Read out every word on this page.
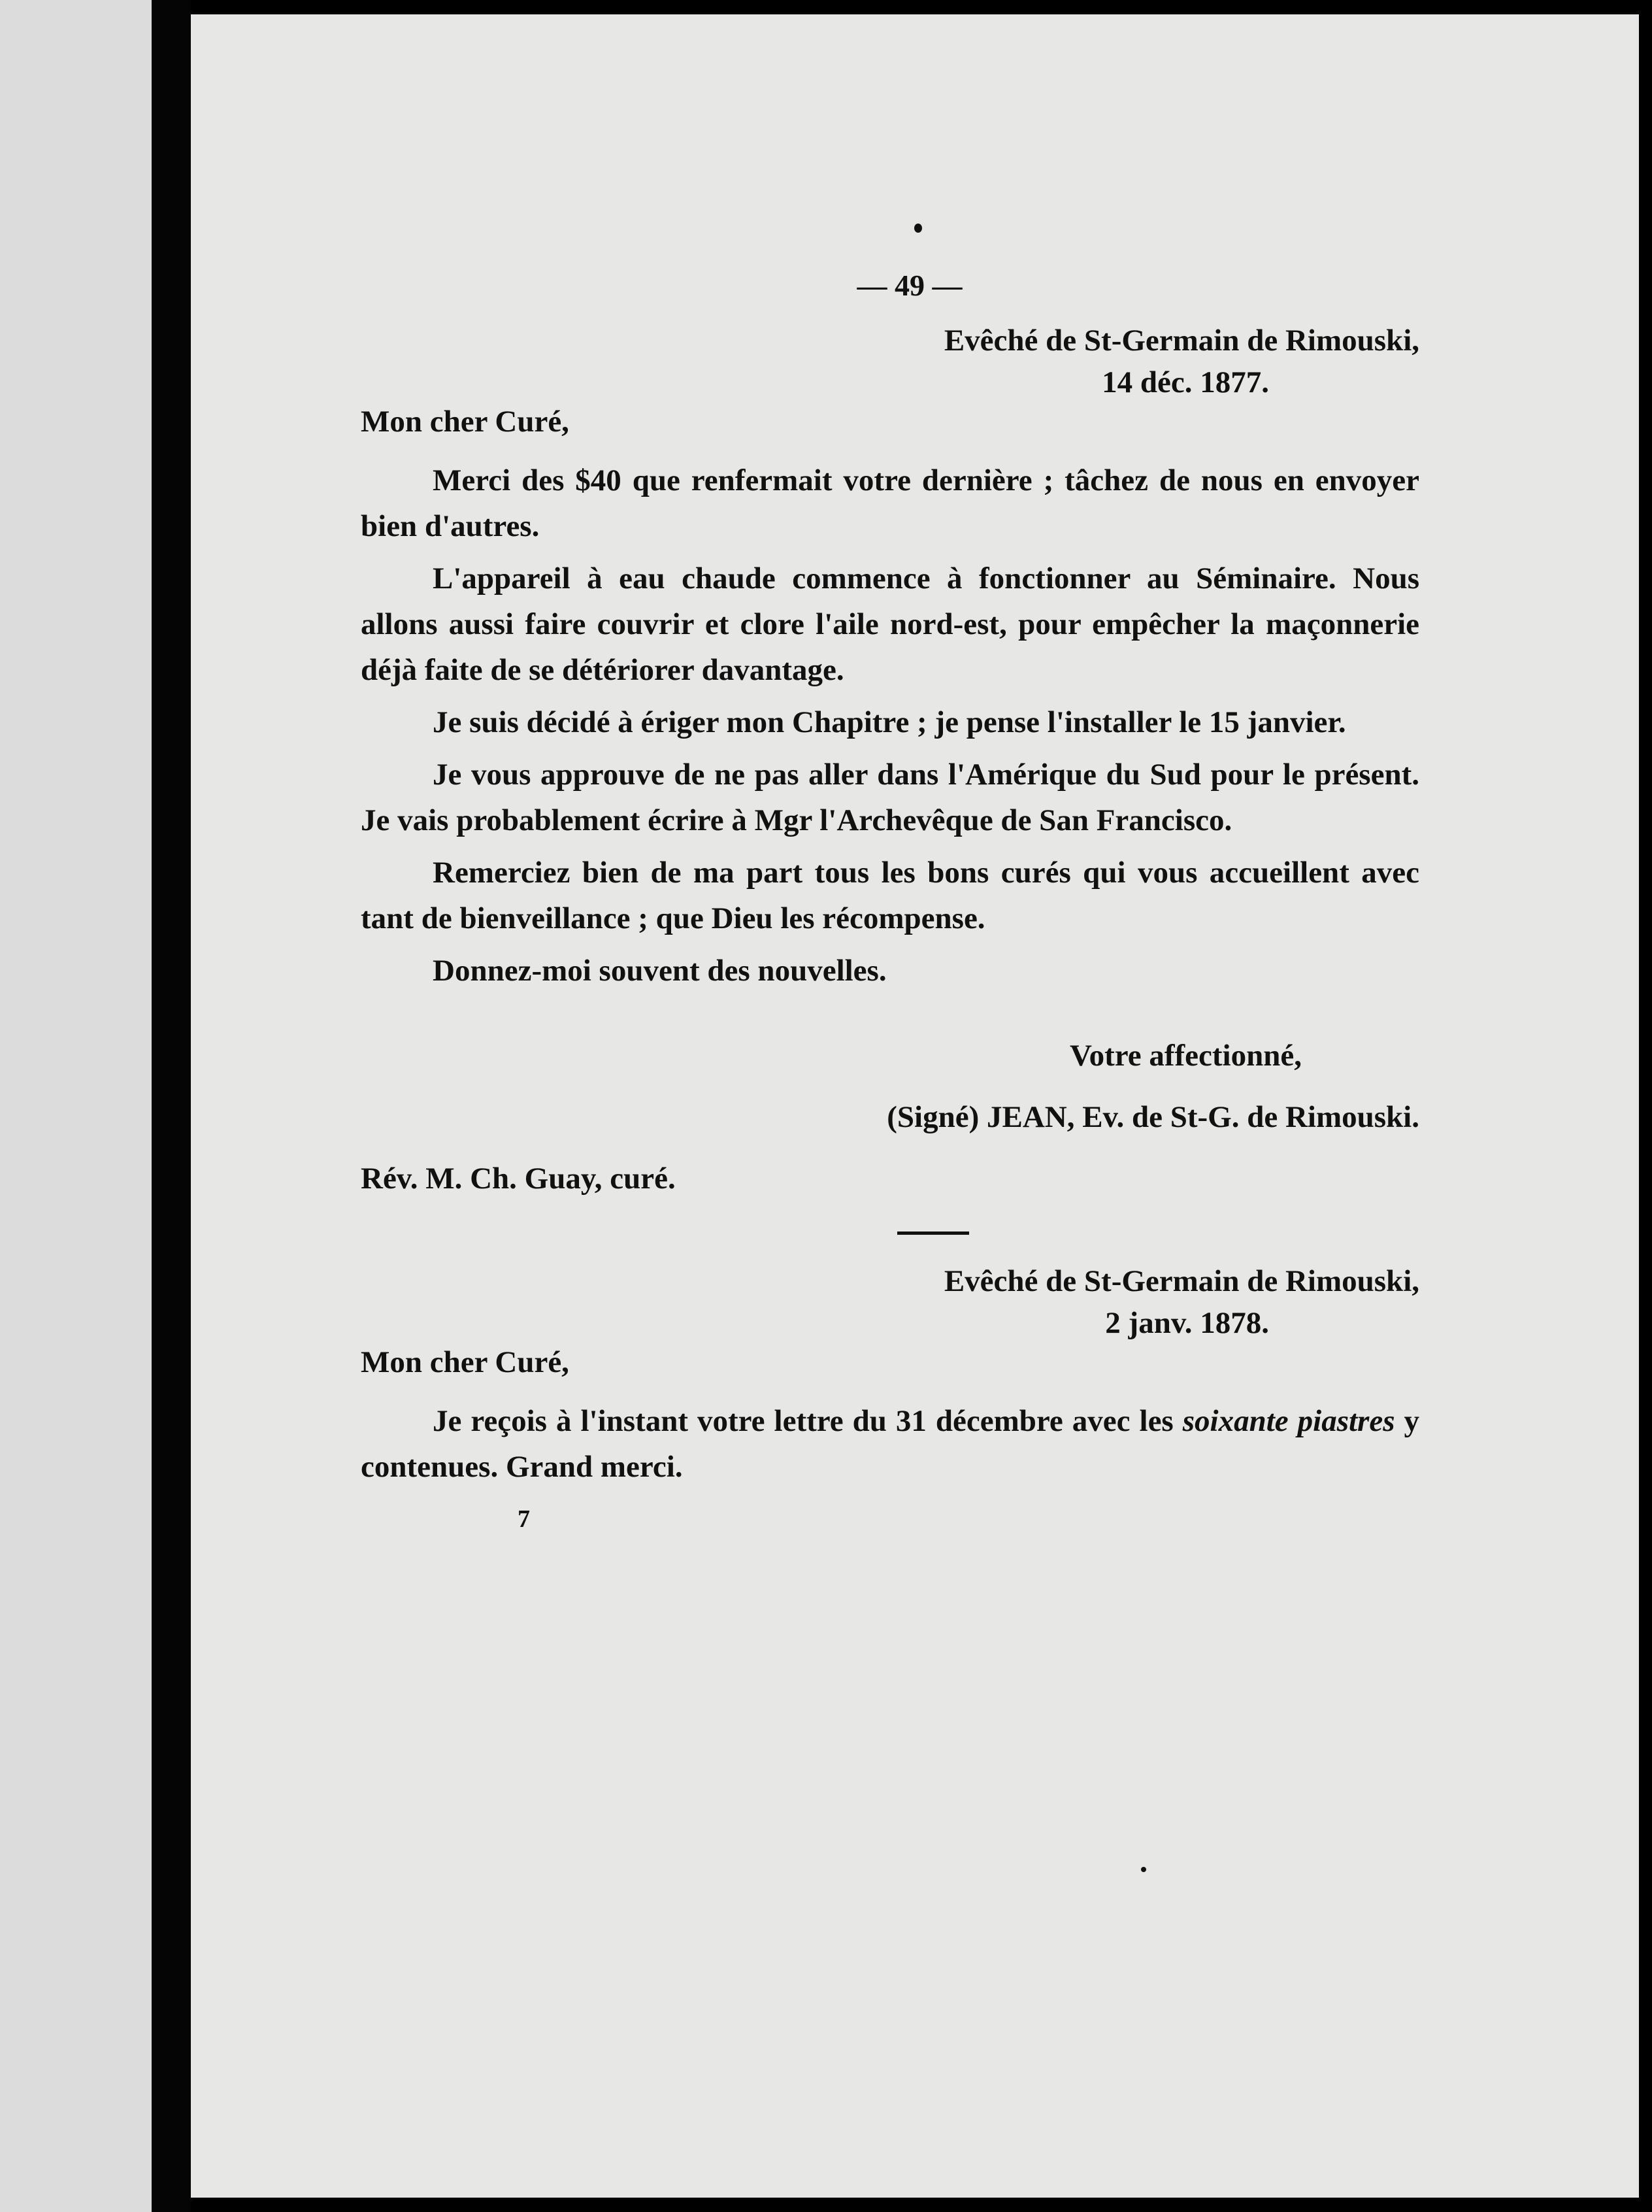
— 49 —
Evêché de St-Germain de Rimouski,
14 déc. 1877.
Mon cher Curé,

Merci des $40 que renfermait votre dernière ; tâchez de nous en envoyer bien d'autres.

L'appareil à eau chaude commence à fonctionner au Séminaire. Nous allons aussi faire couvrir et clore l'aile nord-est, pour empêcher la maçonnerie déjà faite de se détériorer davantage.

Je suis décidé à ériger mon Chapitre ; je pense l'installer le 15 janvier.

Je vous approuve de ne pas aller dans l'Amérique du Sud pour le présent. Je vais probablement écrire à Mgr l'Archevêque de San Francisco.

Remerciez bien de ma part tous les bons curés qui vous accueillent avec tant de bienveillance ; que Dieu les récompense.

Donnez-moi souvent des nouvelles.

Votre affectionné,
(Signé) JEAN, Ev. de St-G. de Rimouski.
Rév. M. Ch. Guay, curé.
Evêché de St-Germain de Rimouski,
2 janv. 1878.
Mon cher Curé,

Je reçois à l'instant votre lettre du 31 décembre avec les soixante piastres y contenues. Grand merci.

7
